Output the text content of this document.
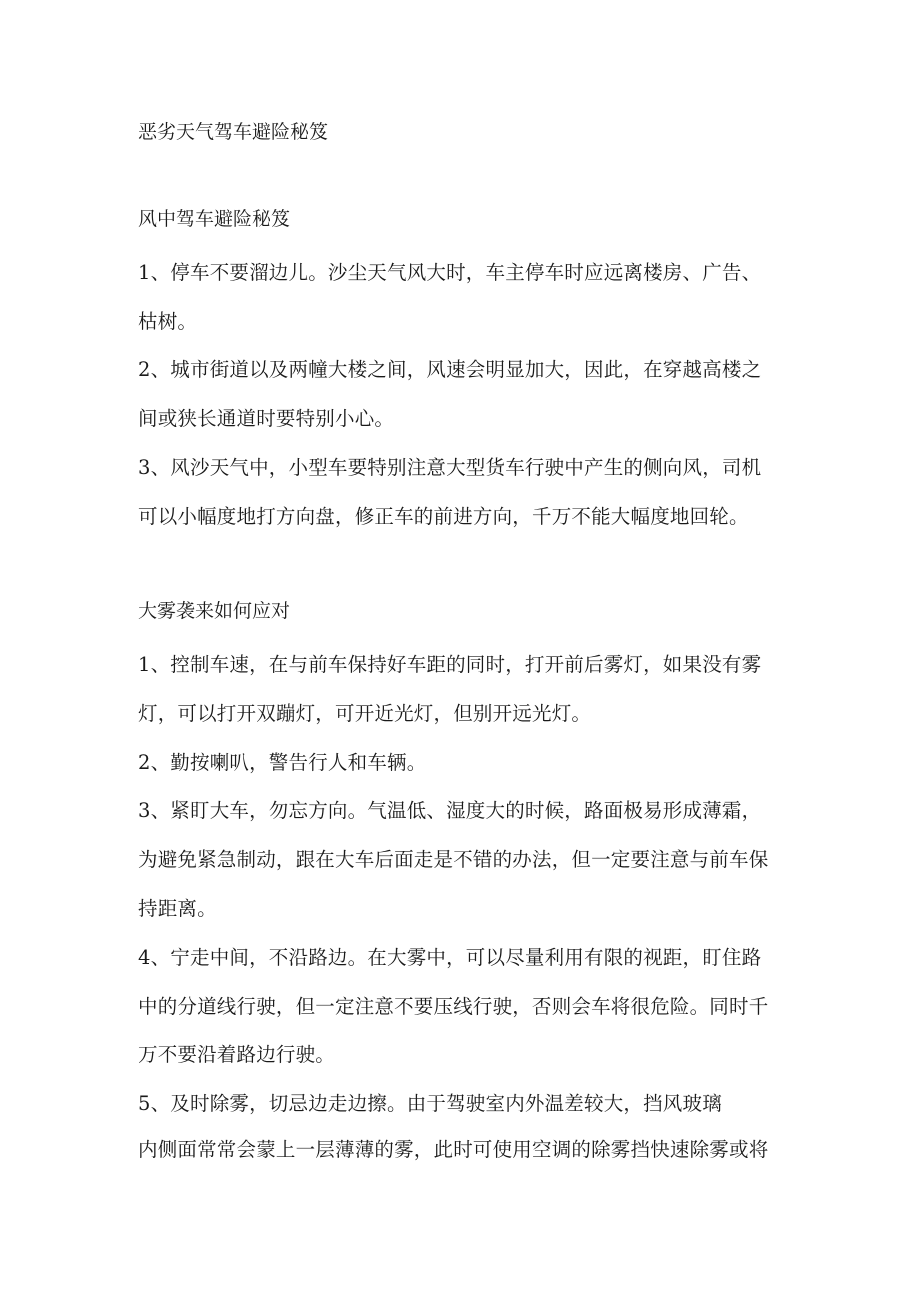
恶劣天气驾车避险秘笈

风中驾车避险秘笈

1、停车不要溜边儿。沙尘天气风大时，车主停车时应远离楼房、广告、

枯树。

2、城市街道以及两幢大楼之间，风速会明显加大，因此，在穿越高楼之

间或狭长通道时要特别小心。

3、风沙天气中，小型车要特别注意大型货车行驶中产生的侧向风，司机

可以小幅度地打方向盘，修正车的前进方向，千万不能大幅度地回轮。

大雾袭来如何应对

1、控制车速，在与前车保持好车距的同时，打开前后雾灯，如果没有雾

灯，可以打开双蹦灯，可开近光灯，但别开远光灯。

2、勤按喇叭，警告行人和车辆。

3、紧盯大车，勿忘方向。气温低、湿度大的时候，路面极易形成薄霜，

为避免紧急制动，跟在大车后面走是不错的办法，但一定要注意与前车保

持距离。

4、宁走中间，不沿路边。在大雾中，可以尽量利用有限的视距，盯住路

中的分道线行驶，但一定注意不要压线行驶，否则会车将很危险。同时千

万不要沿着路边行驶。

5、及时除雾，切忌边走边擦。由于驾驶室内外温差较大，挡风玻璃

内侧面常常会蒙上一层薄薄的雾，此时可使用空调的除雾挡快速除雾或将
